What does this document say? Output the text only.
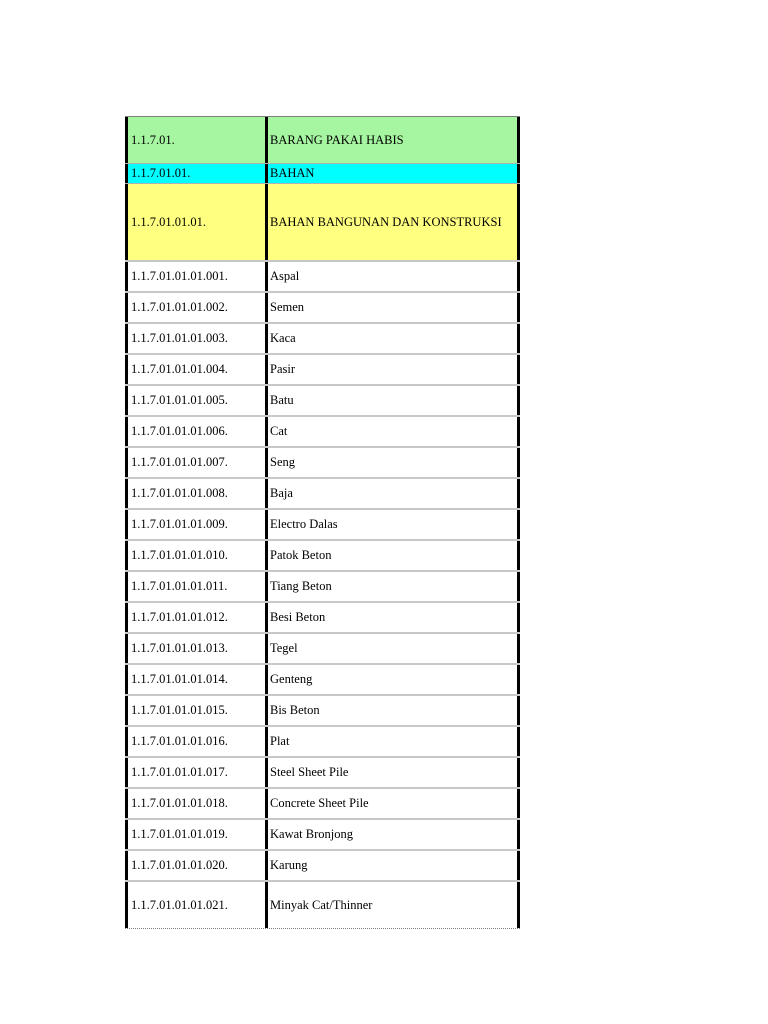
1.1.7.01.	BARANG PAKAI HABIS
1.1.7.01.01.	BAHAN
1.1.7.01.01.01.	BAHAN BANGUNAN DAN KONSTRUKSI
1.1.7.01.01.01.001.	Aspal
1.1.7.01.01.01.002.	Semen
1.1.7.01.01.01.003.	Kaca
1.1.7.01.01.01.004.	Pasir
1.1.7.01.01.01.005.	Batu
1.1.7.01.01.01.006.	Cat
1.1.7.01.01.01.007.	Seng
1.1.7.01.01.01.008.	Baja
1.1.7.01.01.01.009.	Electro Dalas
1.1.7.01.01.01.010.	Patok Beton
1.1.7.01.01.01.011.	Tiang Beton
1.1.7.01.01.01.012.	Besi Beton
1.1.7.01.01.01.013.	Tegel
1.1.7.01.01.01.014.	Genteng
1.1.7.01.01.01.015.	Bis Beton
1.1.7.01.01.01.016.	Plat
1.1.7.01.01.01.017.	Steel Sheet Pile
1.1.7.01.01.01.018.	Concrete Sheet Pile
1.1.7.01.01.01.019.	Kawat Bronjong
1.1.7.01.01.01.020.	Karung
1.1.7.01.01.01.021.	Minyak Cat/Thinner
